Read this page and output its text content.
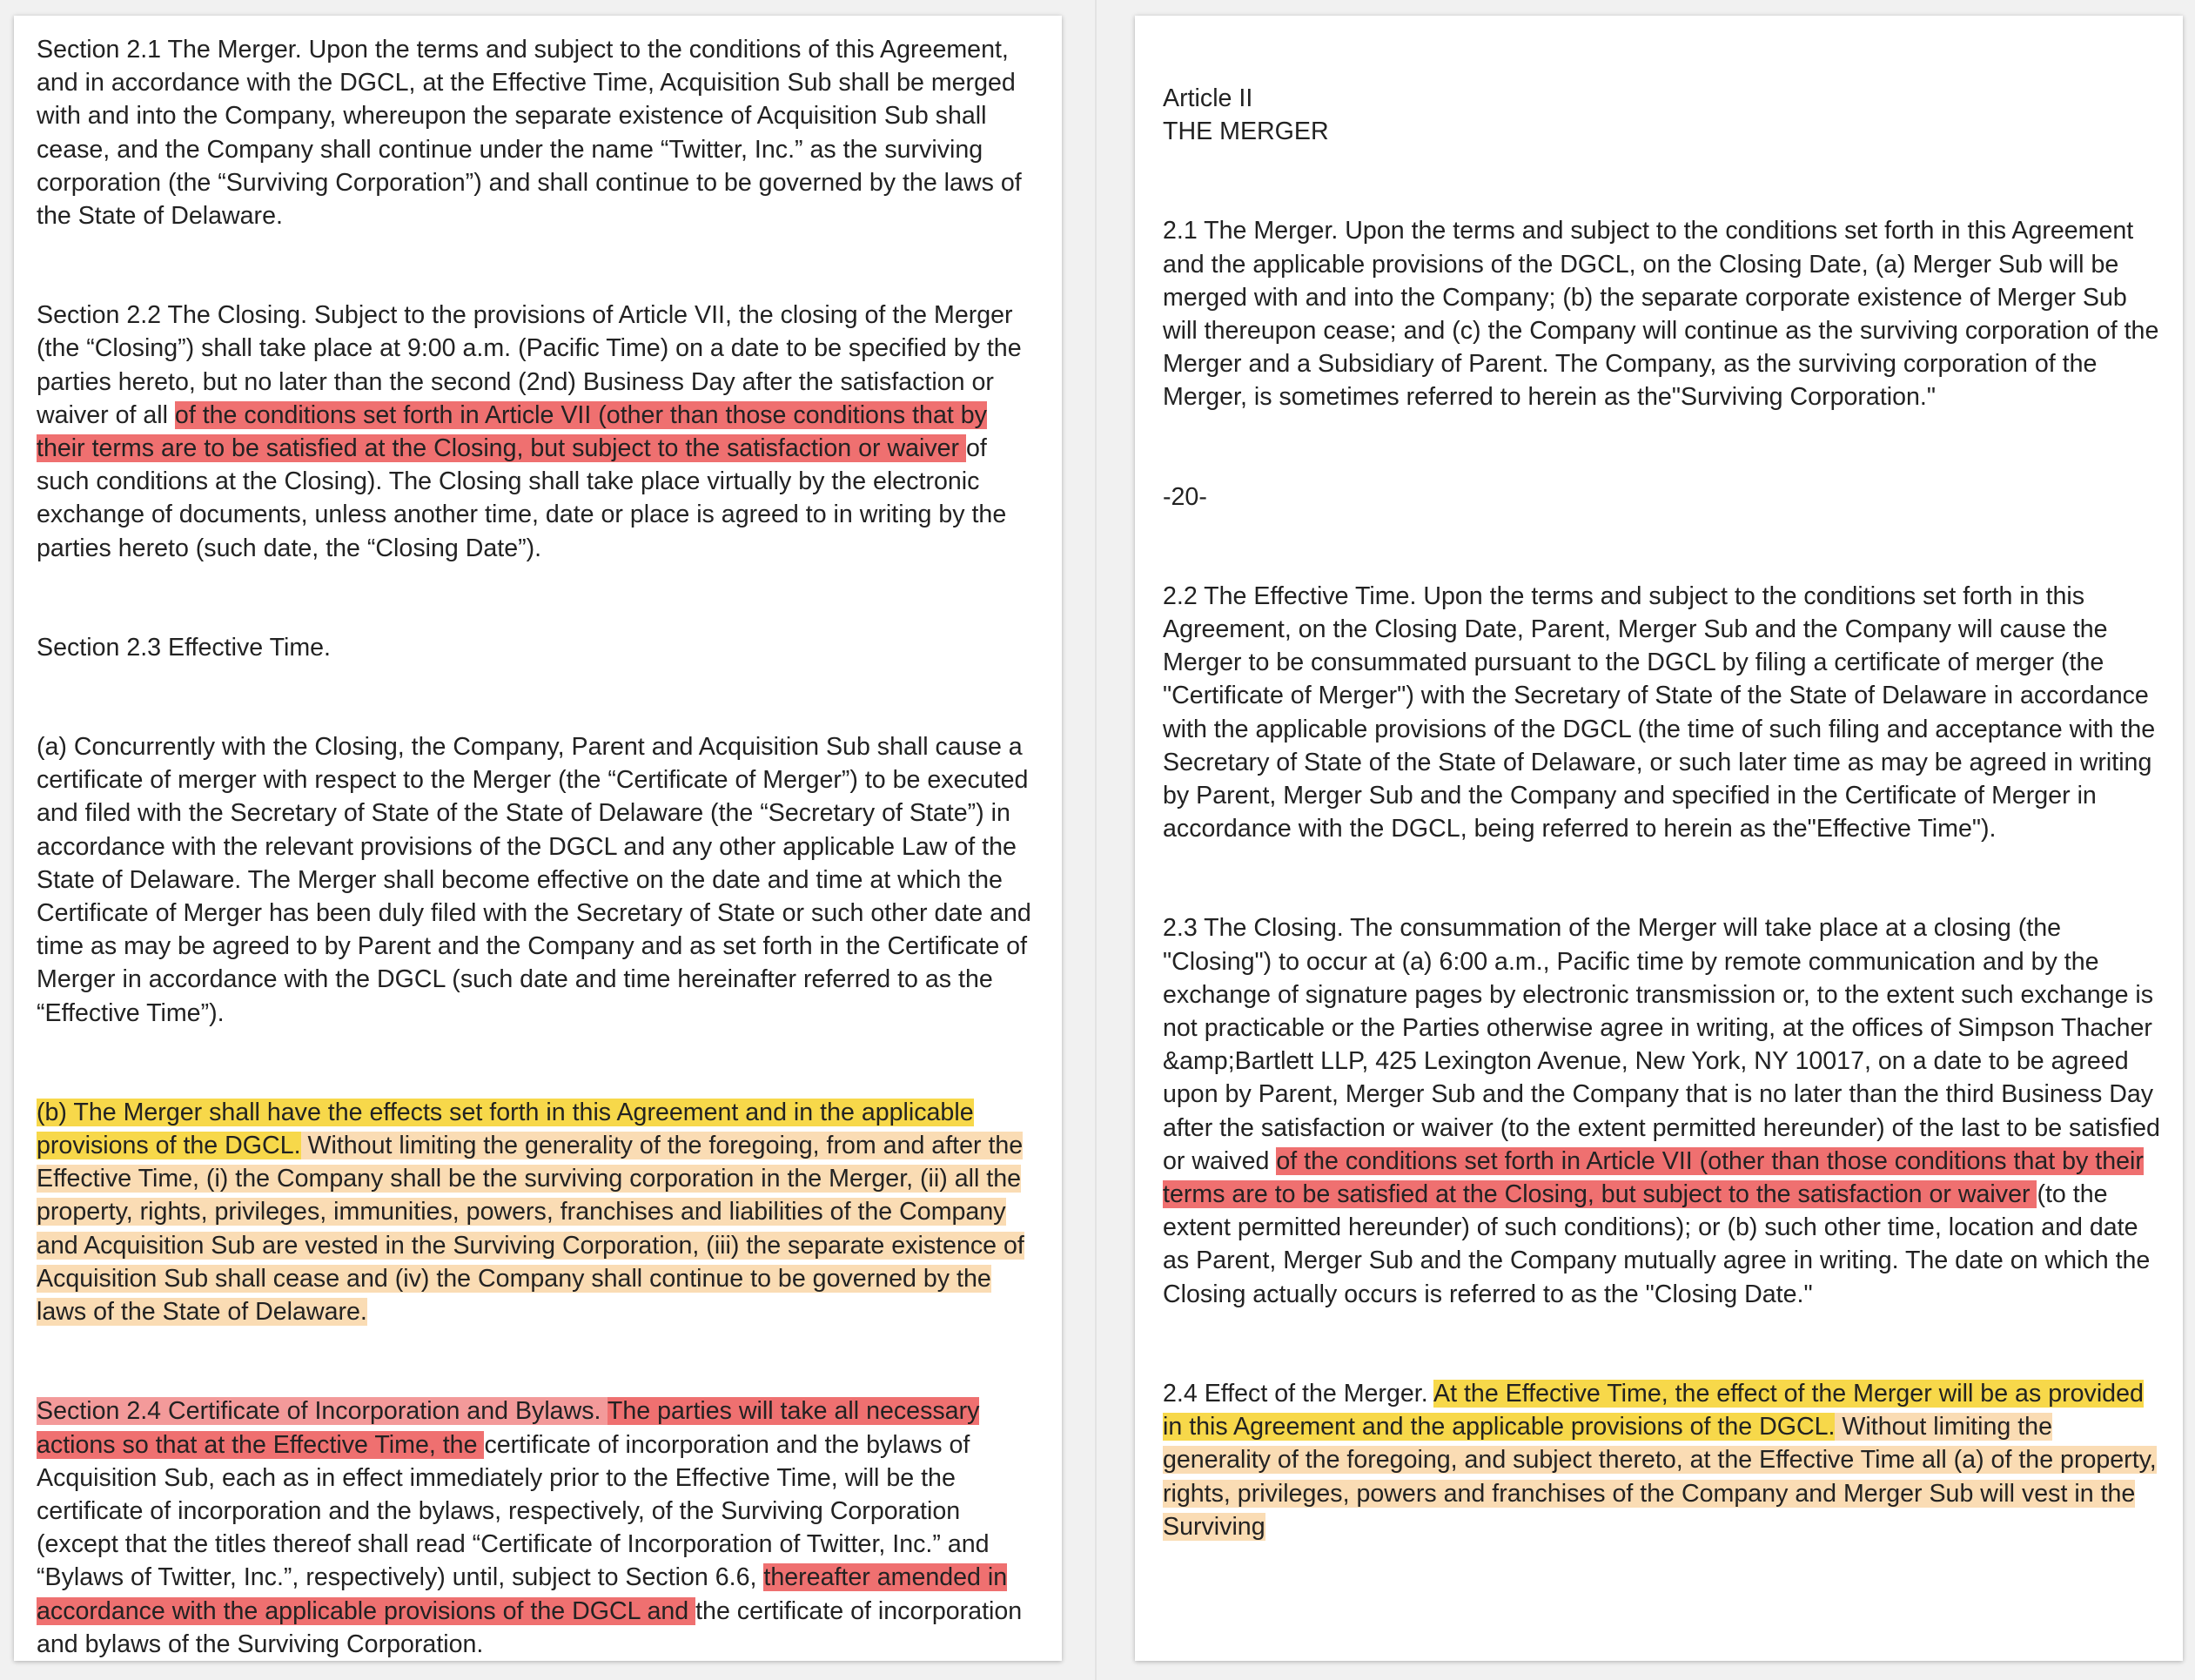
Section 2.1 The Merger. Upon the terms and subject to the conditions of this Agreement, and in accordance with the DGCL, at the Effective Time, Acquisition Sub shall be merged with and into the Company, whereupon the separate existence of Acquisition Sub shall cease, and the Company shall continue under the name “Twitter, Inc.” as the surviving corporation (the “Surviving Corporation”) and shall continue to be governed by the laws of the State of Delaware.

Section 2.2 The Closing. Subject to the provisions of Article VII, the closing of the Merger (the “Closing”) shall take place at 9:00 a.m. (Pacific Time) on a date to be specified by the parties hereto, but no later than the second (2nd) Business Day after the satisfaction or waiver of all of the conditions set forth in Article VII (other than those conditions that by their terms are to be satisfied at the Closing, but subject to the satisfaction or waiver of such conditions at the Closing). The Closing shall take place virtually by the electronic exchange of documents, unless another time, date or place is agreed to in writing by the parties hereto (such date, the “Closing Date”).

Section 2.3 Effective Time.

(a) Concurrently with the Closing, the Company, Parent and Acquisition Sub shall cause a certificate of merger with respect to the Merger (the “Certificate of Merger”) to be executed and filed with the Secretary of State of the State of Delaware (the “Secretary of State”) in accordance with the relevant provisions of the DGCL and any other applicable Law of the State of Delaware. The Merger shall become effective on the date and time at which the Certificate of Merger has been duly filed with the Secretary of State or such other date and time as may be agreed to by Parent and the Company and as set forth in the Certificate of Merger in accordance with the DGCL (such date and time hereinafter referred to as the “Effective Time”).

(b) The Merger shall have the effects set forth in this Agreement and in the applicable provisions of the DGCL. Without limiting the generality of the foregoing, from and after the Effective Time, (i) the Company shall be the surviving corporation in the Merger, (ii) all the property, rights, privileges, immunities, powers, franchises and liabilities of the Company and Acquisition Sub are vested in the Surviving Corporation, (iii) the separate existence of Acquisition Sub shall cease and (iv) the Company shall continue to be governed by the laws of the State of Delaware.

Section 2.4 Certificate of Incorporation and Bylaws. The parties will take all necessary actions so that at the Effective Time, the certificate of incorporation and the bylaws of Acquisition Sub, each as in effect immediately prior to the Effective Time, will be the certificate of incorporation and the bylaws, respectively, of the Surviving Corporation (except that the titles thereof shall read “Certificate of Incorporation of Twitter, Inc.” and “Bylaws of Twitter, Inc.”, respectively) until, subject to Section 6.6, thereafter amended in accordance with the applicable provisions of the DGCL and the certificate of incorporation and bylaws of the Surviving Corporation.

Article II

THE MERGER

2.1 The Merger. Upon the terms and subject to the conditions set forth in this Agreement and the applicable provisions of the DGCL, on the Closing Date, (a) Merger Sub will be merged with and into the Company; (b) the separate corporate existence of Merger Sub will thereupon cease; and (c) the Company will continue as the surviving corporation of the Merger and a Subsidiary of Parent. The Company, as the surviving corporation of the Merger, is sometimes referred to herein as the"Surviving Corporation."

-20-

2.2 The Effective Time. Upon the terms and subject to the conditions set forth in this Agreement, on the Closing Date, Parent, Merger Sub and the Company will cause the Merger to be consummated pursuant to the DGCL by filing a certificate of merger (the "Certificate of Merger") with the Secretary of State of the State of Delaware in accordance with the applicable provisions of the DGCL (the time of such filing and acceptance with the Secretary of State of the State of Delaware, or such later time as may be agreed in writing by Parent, Merger Sub and the Company and specified in the Certificate of Merger in accordance with the DGCL, being referred to herein as the"Effective Time").

2.3 The Closing. The consummation of the Merger will take place at a closing (the "Closing") to occur at (a) 6:00 a.m., Pacific time by remote communication and by the exchange of signature pages by electronic transmission or, to the extent such exchange is not practicable or the Parties otherwise agree in writing, at the offices of Simpson Thacher &amp;Bartlett LLP, 425 Lexington Avenue, New York, NY 10017, on a date to be agreed upon by Parent, Merger Sub and the Company that is no later than the third Business Day after the satisfaction or waiver (to the extent permitted hereunder) of the last to be satisfied or waived of the conditions set forth in Article VII (other than those conditions that by their terms are to be satisfied at the Closing, but subject to the satisfaction or waiver (to the extent permitted hereunder) of such conditions); or (b) such other time, location and date as Parent, Merger Sub and the Company mutually agree in writing. The date on which the Closing actually occurs is referred to as the "Closing Date."

2.4 Effect of the Merger. At the Effective Time, the effect of the Merger will be as provided in this Agreement and the applicable provisions of the DGCL. Without limiting the generality of the foregoing, and subject thereto, at the Effective Time all (a) of the property, rights, privileges, powers and franchises of the Company and Merger Sub will vest in the Surviving
